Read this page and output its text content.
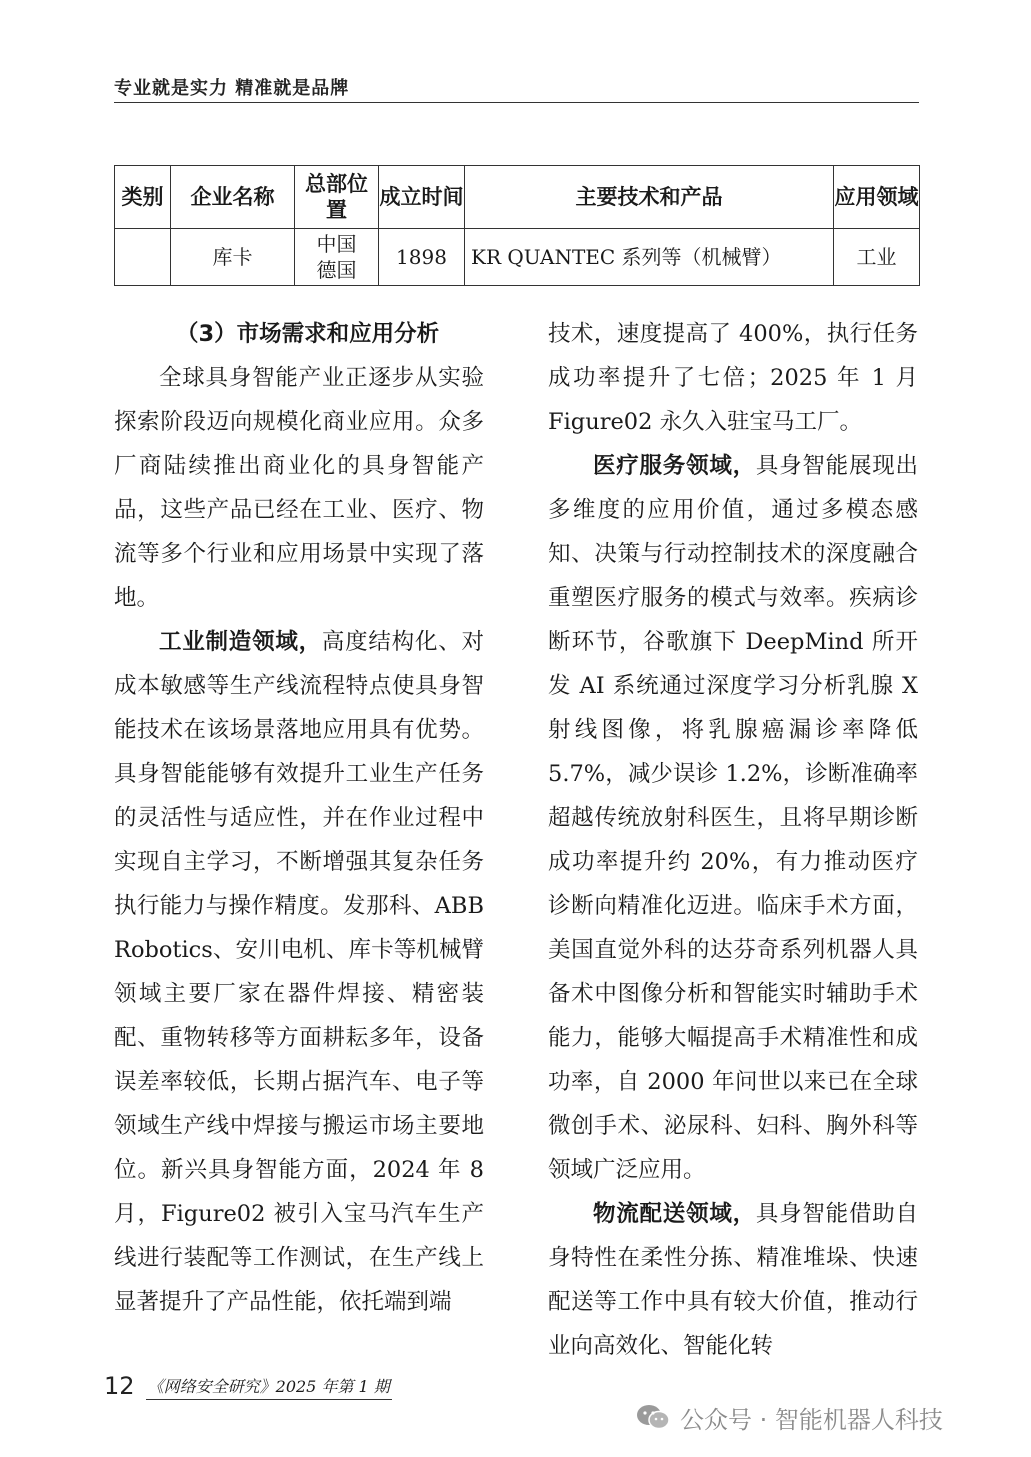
专业就是实力 精准就是品牌
类别	企业名称	总部位置	成立时间	主要技术和产品	应用领域
	库卡	中国德国	1898	KR QUANTEC 系列等（机械臂）	工业

（3）市场需求和应用分析

全球具身智能产业正逐步从实验探索阶段迈向规模化商业应用。众多厂商陆续推出商业化的具身智能产品，这些产品已经在工业、医疗、物流等多个行业和应用场景中实现了落地。

工业制造领域，高度结构化、对成本敏感等生产线流程特点使具身智能技术在该场景落地应用具有优势。具身智能能够有效提升工业生产任务的灵活性与适应性，并在作业过程中实现自主学习，不断增强其复杂任务执行能力与操作精度。发那科、ABB Robotics、安川电机、库卡等机械臂领域主要厂家在器件焊接、精密装配、重物转移等方面耕耘多年，设备误差率较低，长期占据汽车、电子等领域生产线中焊接与搬运市场主要地位。新兴具身智能方面，2024 年 8 月，Figure02 被引入宝马汽车生产线进行装配等工作测试，在生产线上显著提升了产品性能，依托端到端

技术，速度提高了 400%，执行任务成功率提升了七倍；2025 年 1 月 Figure02 永久入驻宝马工厂。

医疗服务领域，具身智能展现出多维度的应用价值，通过多模态感知、决策与行动控制技术的深度融合重塑医疗服务的模式与效率。疾病诊断环节，谷歌旗下 DeepMind 所开发 AI 系统通过深度学习分析乳腺 X 射线图像，将乳腺癌漏诊率降低 5.7%，减少误诊 1.2%，诊断准确率超越传统放射科医生，且将早期诊断成功率提升约 20%，有力推动医疗诊断向精准化迈进。临床手术方面，美国直觉外科的达芬奇系列机器人具备术中图像分析和智能实时辅助手术能力，能够大幅提高手术精准性和成功率，自 2000 年问世以来已在全球微创手术、泌尿科、妇科、胸外科等领域广泛应用。

物流配送领域，具身智能借助自身特性在柔性分拣、精准堆垛、快速配送等工作中具有较大价值，推动行业向高效化、智能化转

12 《网络安全研究》2025 年第 1 期
公众号 · 智能机器人科技
